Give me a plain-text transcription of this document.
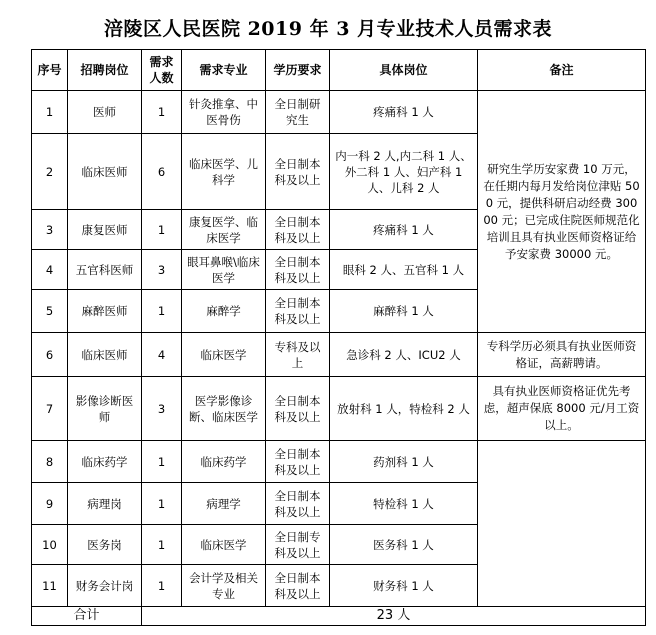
涪陵区人民医院 2019 年 3 月专业技术人员需求表
序号	招聘岗位	需求人数	需求专业	学历要求	具体岗位	备注
1	医师	1	针灸推拿、中医骨伤	全日制研究生	疼痛科 1 人	研究生学历安家费 10 万元，在任期内每月发给岗位津贴 500 元，提供科研启动经费 30000 元；已完成住院医师规范化培训且具有执业医师资格证给予安家费 30000 元。
2	临床医师	6	临床医学、儿科学	全日制本科及以上	内一科 2 人,内二科 1 人、外二科 1 人、妇产科 1 人、儿科 2 人	
3	康复医师	1	康复医学、临床医学	全日制本科及以上	疼痛科 1 人	
4	五官科医师	3	眼耳鼻喉\临床医学	全日制本科及以上	眼科 2 人、五官科 1 人	
5	麻醉医师	1	麻醉学	全日制本科及以上	麻醉科 1 人	
6	临床医师	4	临床医学	专科及以上	急诊科 2 人、ICU2 人	专科学历必须具有执业医师资格证，高薪聘请。
7	影像诊断医师	3	医学影像诊断、临床医学	全日制本科及以上	放射科 1 人，特检科 2 人	具有执业医师资格证优先考虑，超声保底 8000 元/月工资以上。
8	临床药学	1	临床药学	全日制本科及以上	药剂科 1 人	
9	病理岗	1	病理学	全日制本科及以上	特检科 1 人	
10	医务岗	1	临床医学	全日制专科及以上	医务科 1 人	
11	财务会计岗	1	会计学及相关专业	全日制本科及以上	财务科 1 人	
合计		23 人				
